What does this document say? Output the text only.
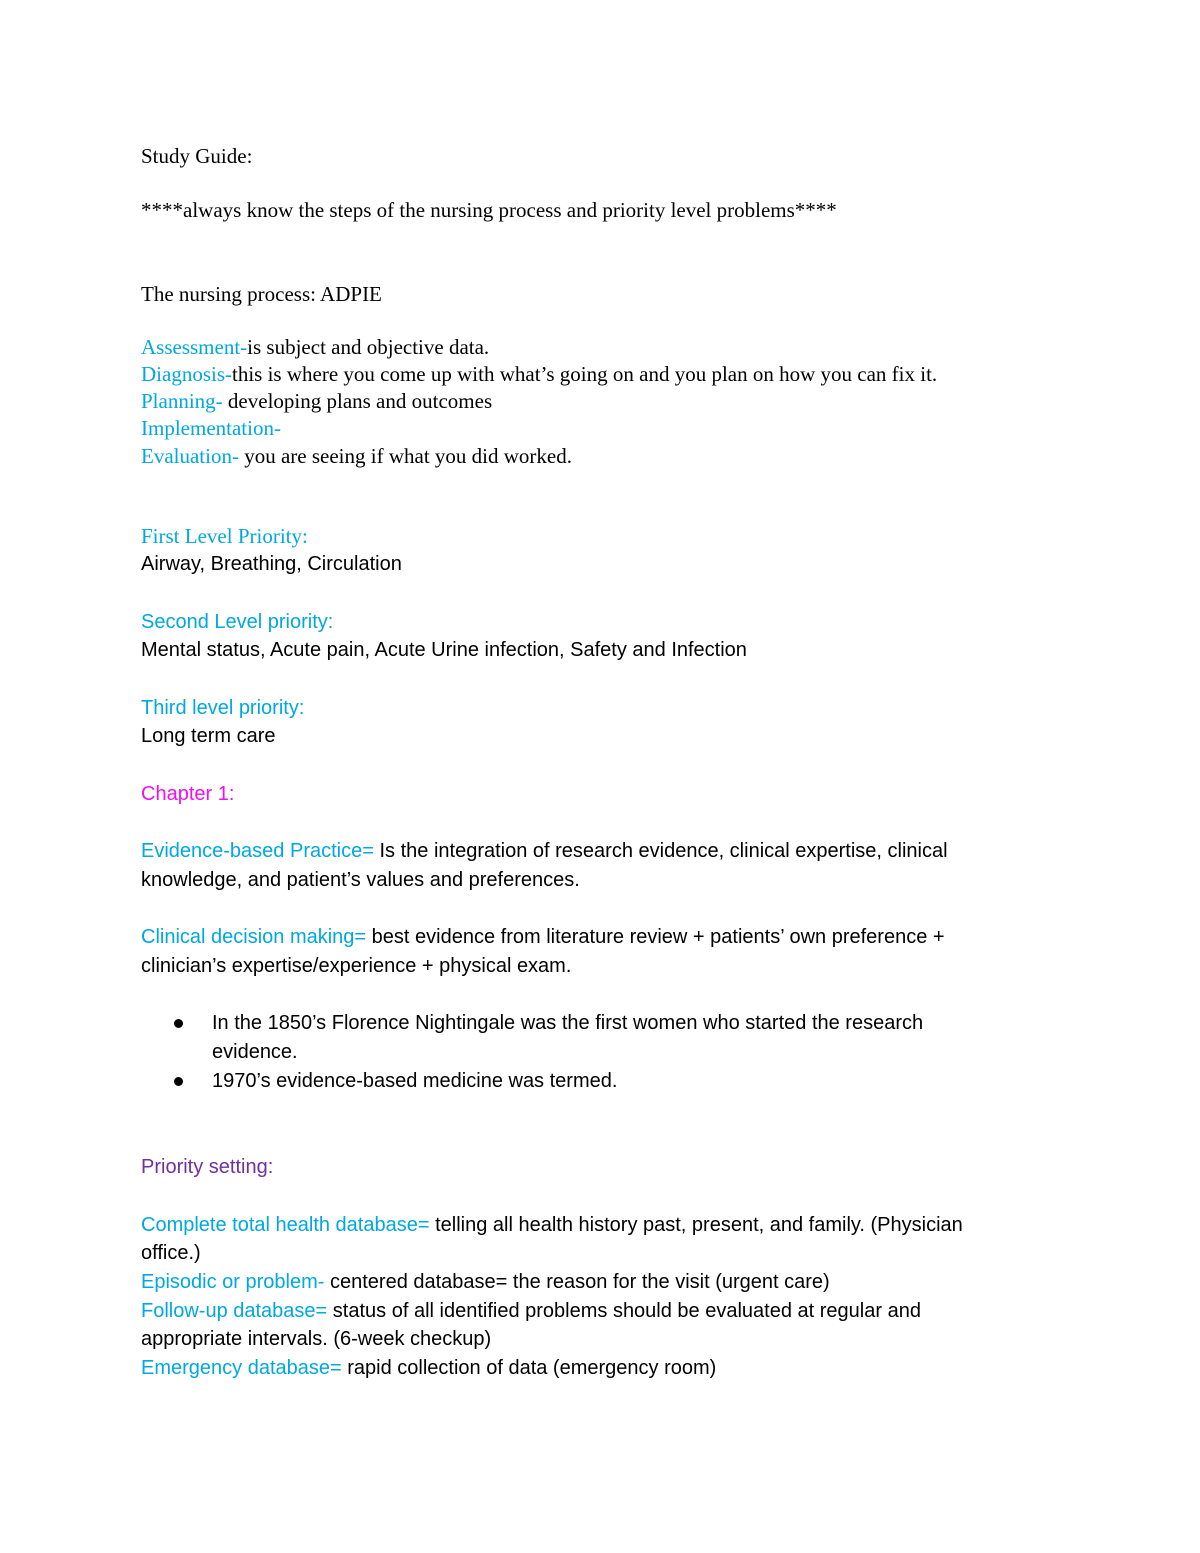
Study Guide:
****always know the steps of the nursing process and priority level problems****
The nursing process: ADPIE
Assessment-is subject and objective data.
Diagnosis-this is where you come up with what’s going on and you plan on how you can fix it.
Planning- developing plans and outcomes
Implementation-
Evaluation- you are seeing if what you did worked.
First Level Priority:
Airway, Breathing, Circulation
Second Level priority:
Mental status, Acute pain, Acute Urine infection, Safety and Infection
Third level priority:
Long term care
Chapter 1:
Evidence-based Practice= Is the integration of research evidence, clinical expertise, clinical
knowledge, and patient’s values and preferences.
Clinical decision making= best evidence from literature review + patients’ own preference +
clinician’s expertise/experience + physical exam.
In the 1850’s Florence Nightingale was the first women who started the research
evidence.
1970’s evidence-based medicine was termed.
Priority setting:
Complete total health database= telling all health history past, present, and family. (Physician
office.)
Episodic or problem- centered database= the reason for the visit (urgent care)
Follow-up database= status of all identified problems should be evaluated at regular and
appropriate intervals. (6-week checkup)
Emergency database= rapid collection of data (emergency room)
